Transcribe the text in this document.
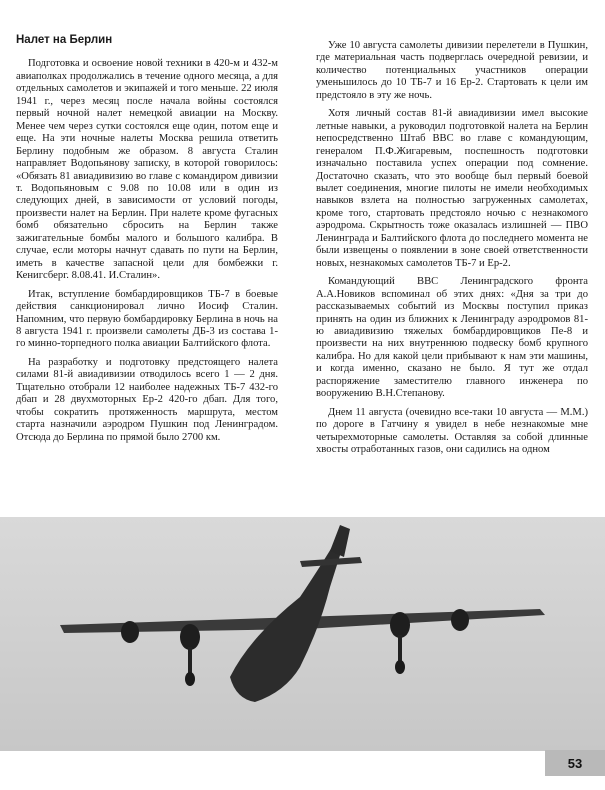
Налет на Берлин

Подготовка и освоение новой техники в 420-м и 432-м авиаполках продолжались в течение одного месяца, а для отдельных самолетов и экипажей и того меньше. 22 июля 1941 г., через месяц после начала войны состоялся первый ночной налет немецкой авиации на Москву. Менее чем через сутки состоялся еще один, потом еще и еще. На эти ночные налеты Москва решила ответить Берлину подобным же образом. 8 августа Сталин направляет Водопьянову записку, в которой говорилось: «Обязать 81 авиадивизию во главе с командиром дивизии т. Водопьяновым с 9.08 по 10.08 или в один из следующих дней, в зависимости от условий погоды, произвести налет на Берлин. При налете кроме фугасных бомб обязательно сбросить на Берлин также зажигательные бомбы малого и большого калибра. В случае, если моторы начнут сдавать по пути на Берлин, иметь в качестве запасной цели для бомбежки г. Кенигсберг. 8.08.41. И.Сталин».

Итак, вступление бомбардировщиков ТБ-7 в боевые действия санкционировал лично Иосиф Сталин. Напомним, что первую бомбардировку Берлина в ночь на 8 августа 1941 г. произвели самолеты ДБ-3 из состава 1-го минно-торпедного полка авиации Балтийского флота.

На разработку и подготовку предстоящего налета силами 81-й авиадивизии отводилось всего 1 — 2 дня. Тщательно отобрали 12 наиболее надежных ТБ-7 432-го дбап и 28 двухмоторных Ер-2 420-го дбап. Для того, чтобы сократить протяженность маршрута, местом старта назначили аэродром Пушкин под Ленинградом. Отсюда до Берлина по прямой было 2700 км.

Уже 10 августа самолеты дивизии перелетели в Пушкин, где материальная часть подверглась очередной ревизии, и количество потенциальных участников операции уменьшилось до 10 ТБ-7 и 16 Ер-2. Стартовать к цели им предстояло в эту же ночь.

Хотя личный состав 81-й авиадивизии имел высокие летные навыки, а руководил подготовкой налета на Берлин непосредственно Штаб ВВС во главе с командующим, генералом П.Ф.Жигаревым, поспешность подготовки изначально поставила успех операции под сомнение. Достаточно сказать, что это вообще был первый боевой вылет соединения, многие пилоты не имели необходимых навыков взлета на полностью загруженных самолетах, кроме того, стартовать предстояло ночью с незнакомого аэродрома. Скрытность тоже оказалась излишней — ПВО Ленинграда и Балтийского флота до последнего момента не были извещены о появлении в зоне своей ответственности новых, незнакомых самолетов ТБ-7 и Ер-2.

Командующий ВВС Ленинградского фронта А.А.Новиков вспоминал об этих днях: «Дня за три до рассказываемых событий из Москвы поступил приказ принять на один из ближних к Ленинграду аэродромов 81-ю авиадивизию тяжелых бомбардировщиков Пе-8 и произвести на них внутреннюю подвеску бомб крупного калибра. Но для какой цели прибывают к нам эти машины, и когда именно, сказано не было. Я тут же отдал распоряжение заместителю главного инженера по вооружению В.Н.Степанову.

Днем 11 августа (очевидно все-таки 10 августа — М.М.) по дороге в Гатчину я увидел в небе незнакомые мне четырехмоторные самолеты. Оставляя за собой длинные хвосты отработанных газов, они садились на одном

53
